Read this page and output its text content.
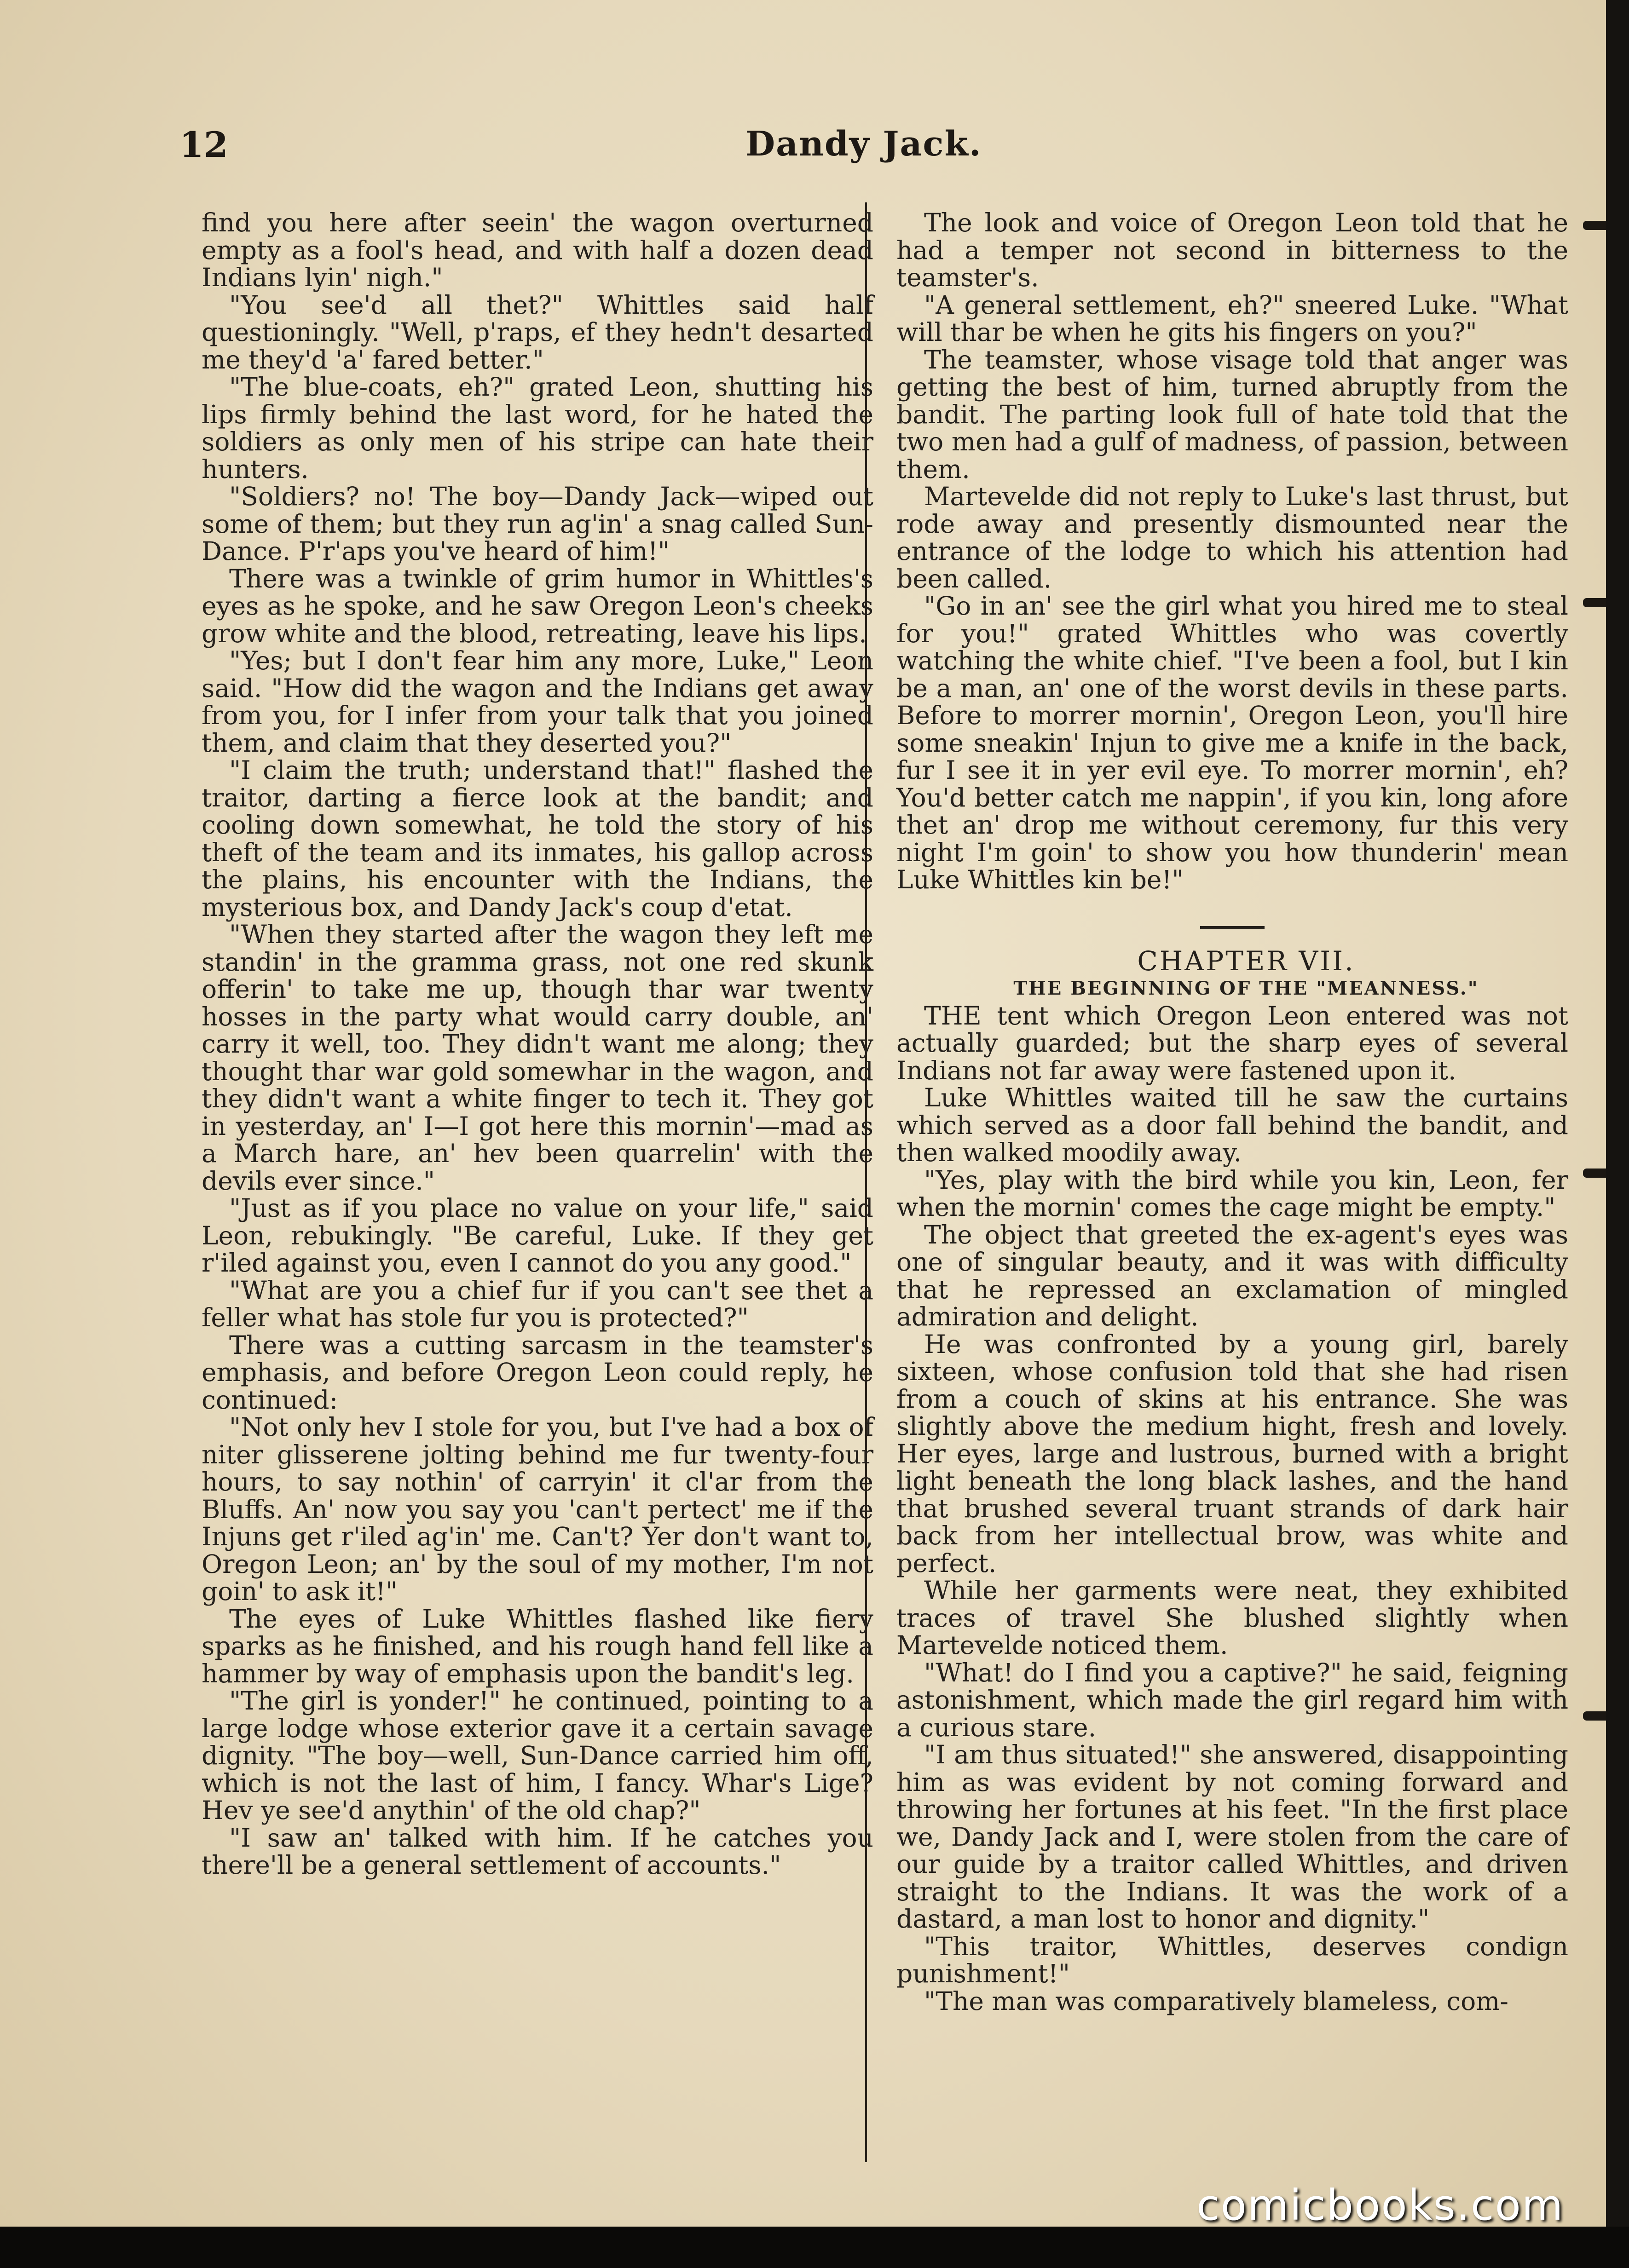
12	Dandy Jack.

find you here after seein' the wagon overturned empty as a fool's head, and with half a dozen dead Indians lyin' nigh."

"You see'd all thet?" Whittles said half questioningly. "Well, p'raps, ef they hedn't desarted me they'd 'a' fared better."

"The blue-coats, eh?" grated Leon, shutting his lips firmly behind the last word, for he hated the soldiers as only men of his stripe can hate their hunters.

"Soldiers? no! The boy—Dandy Jack—wiped out some of them; but they run ag'in' a snag called Sun-Dance. P'r'aps you've heard of him!"

There was a twinkle of grim humor in Whittles's eyes as he spoke, and he saw Oregon Leon's cheeks grow white and the blood, retreating, leave his lips.

"Yes; but I don't fear him any more, Luke," Leon said. "How did the wagon and the Indians get away from you, for I infer from your talk that you joined them, and claim that they deserted you?"

"I claim the truth; understand that!" flashed the traitor, darting a fierce look at the bandit; and cooling down somewhat, he told the story of his theft of the team and its inmates, his gallop across the plains, his encounter with the Indians, the mysterious box, and Dandy Jack's coup d'etat.

"When they started after the wagon they left me standin' in the gramma grass, not one red skunk offerin' to take me up, though thar war twenty hosses in the party what would carry double, an' carry it well, too. They didn't want me along; they thought thar war gold somewhar in the wagon, and they didn't want a white finger to tech it. They got in yesterday, an' I—I got here this mornin'—mad as a March hare, an' hev been quarrelin' with the devils ever since."

"Just as if you place no value on your life," said Leon, rebukingly. "Be careful, Luke. If they get r'iled against you, even I cannot do you any good."

"What are you a chief fur if you can't see thet a feller what has stole fur you is protected?"

There was a cutting sarcasm in the teamster's emphasis, and before Oregon Leon could reply, he continued:

"Not only hev I stole for you, but I've had a box of niter glisserene jolting behind me fur twenty-four hours, to say nothin' of carryin' it cl'ar from the Bluffs. An' now you say you 'can't pertect' me if the Injuns get r'iled ag'in' me. Can't? Yer don't want to, Oregon Leon; an' by the soul of my mother, I'm not goin' to ask it!"

The eyes of Luke Whittles flashed like fiery sparks as he finished, and his rough hand fell like a hammer by way of emphasis upon the bandit's leg.

"The girl is yonder!" he continued, pointing to a large lodge whose exterior gave it a certain savage dignity. "The boy—well, Sun-Dance carried him off, which is not the last of him, I fancy. Whar's Lige? Hev ye see'd anythin' of the old chap?"

"I saw an' talked with him. If he catches you there'll be a general settlement of accounts."

The look and voice of Oregon Leon told that he had a temper not second in bitterness to the teamster's.

"A general settlement, eh?" sneered Luke. "What will thar be when he gits his fingers on you?"

The teamster, whose visage told that anger was getting the best of him, turned abruptly from the bandit. The parting look full of hate told that the two men had a gulf of madness, of passion, between them.

Martevelde did not reply to Luke's last thrust, but rode away and presently dismounted near the entrance of the lodge to which his attention had been called.

"Go in an' see the girl what you hired me to steal for you!" grated Whittles who was covertly watching the white chief. "I've been a fool, but I kin be a man, an' one of the worst devils in these parts. Before to morrer mornin', Oregon Leon, you'll hire some sneakin' Injun to give me a knife in the back, fur I see it in yer evil eye. To morrer mornin', eh? You'd better catch me nappin', if you kin, long afore thet an' drop me without ceremony, fur this very night I'm goin' to show you how thunderin' mean Luke Whittles kin be!"

CHAPTER VII.

THE BEGINNING OF THE "MEANNESS."

THE tent which Oregon Leon entered was not actually guarded; but the sharp eyes of several Indians not far away were fastened upon it.

Luke Whittles waited till he saw the curtains which served as a door fall behind the bandit, and then walked moodily away.

"Yes, play with the bird while you kin, Leon, fer when the mornin' comes the cage might be empty."

The object that greeted the ex-agent's eyes was one of singular beauty, and it was with difficulty that he repressed an exclamation of mingled admiration and delight.

He was confronted by a young girl, barely sixteen, whose confusion told that she had risen from a couch of skins at his entrance. She was slightly above the medium hight, fresh and lovely. Her eyes, large and lustrous, burned with a bright light beneath the long black lashes, and the hand that brushed several truant strands of dark hair back from her intellectual brow, was white and perfect.

While her garments were neat, they exhibited traces of travel She blushed slightly when Martevelde noticed them.

"What! do I find you a captive?" he said, feigning astonishment, which made the girl regard him with a curious stare.

"I am thus situated!" she answered, disappointing him as was evident by not coming forward and throwing her fortunes at his feet. "In the first place we, Dandy Jack and I, were stolen from the care of our guide by a traitor called Whittles, and driven straight to the Indians. It was the work of a dastard, a man lost to honor and dignity."

"This traitor, Whittles, deserves condign punishment!"

"The man was comparatively blameless, com-

comicbooks.com
